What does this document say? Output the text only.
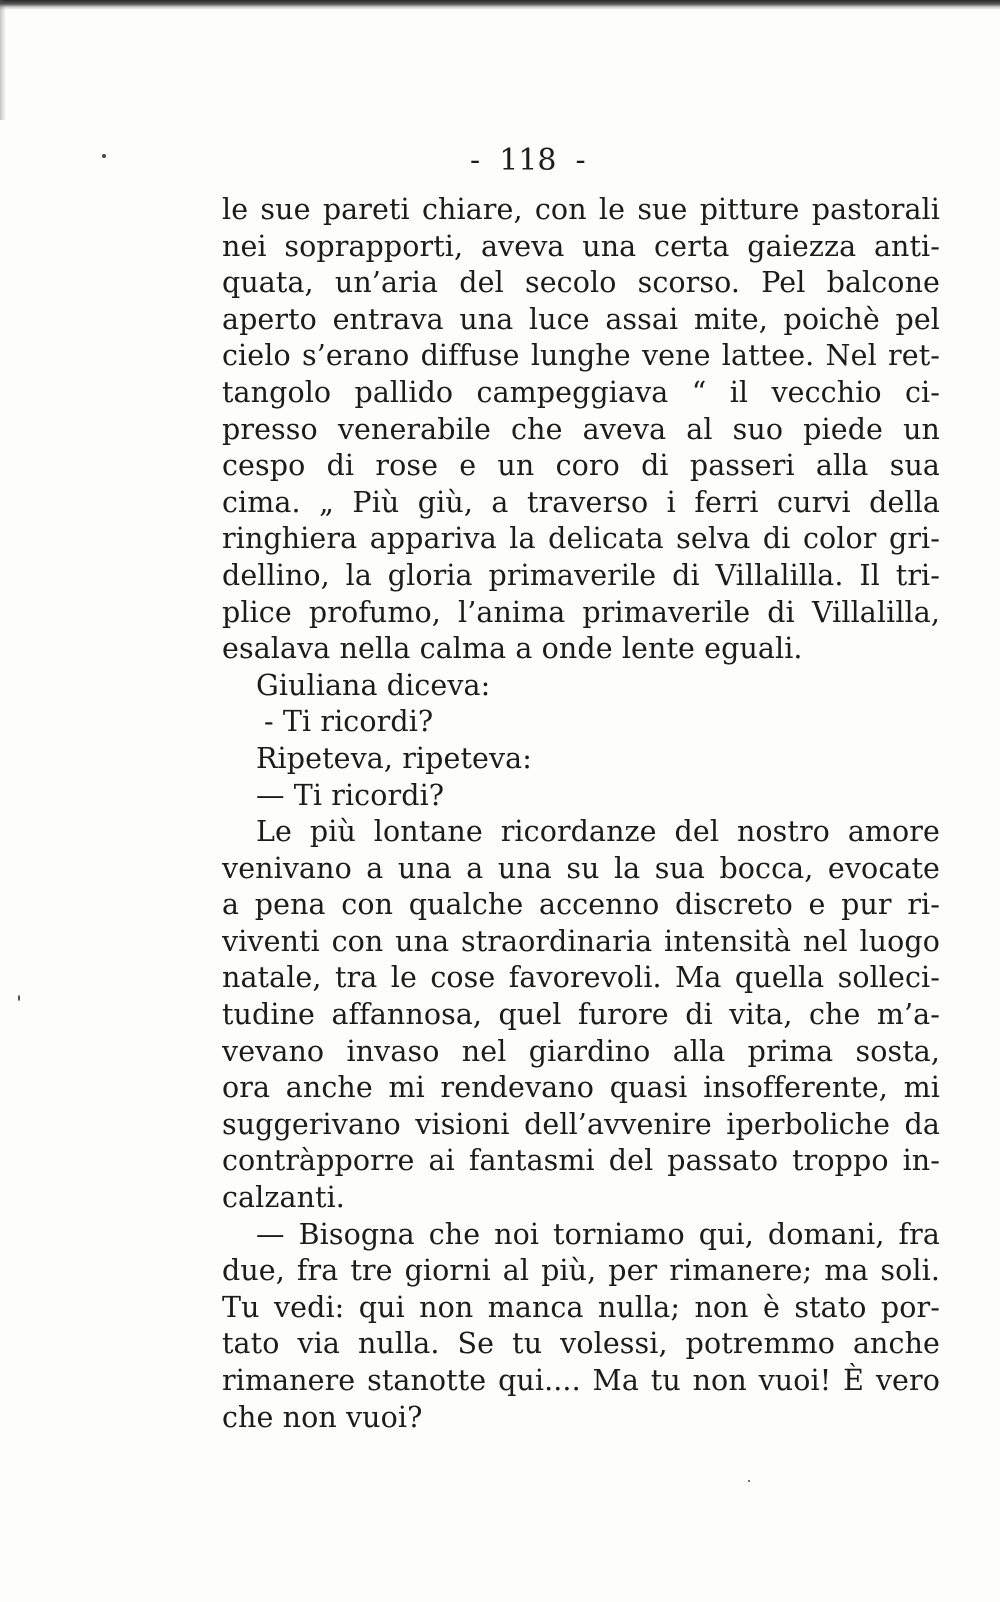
-  118  -
le sue pareti chiare, con le sue pitture pastorali
nei soprapporti, aveva una certa gaiezza anti-
quata, un’aria del secolo scorso. Pel balcone
aperto entrava una luce assai mite, poichè pel
cielo s’erano diffuse lunghe vene lattee. Nel ret-
tangolo pallido campeggiava “ il vecchio ci-
presso venerabile che aveva al suo piede un
cespo di rose e un coro di passeri alla sua
cima. „ Più giù, a traverso i ferri curvi della
ringhiera appariva la delicata selva di color gri-
dellino, la gloria primaverile di Villalilla. Il tri-
plice profumo, l’anima primaverile di Villalilla,
esalava nella calma a onde lente eguali.
Giuliana diceva:
- Ti ricordi?
Ripeteva, ripeteva:
— Ti ricordi?
Le più lontane ricordanze del nostro amore
venivano a una a una su la sua bocca, evocate
a pena con qualche accenno discreto e pur ri-
viventi con una straordinaria intensità nel luogo
natale, tra le cose favorevoli. Ma quella solleci-
tudine affannosa, quel furore di vita, che m’a-
vevano invaso nel giardino alla prima sosta,
ora anche mi rendevano quasi insofferente, mi
suggerivano visioni dell’avvenire iperboliche da
contràpporre ai fantasmi del passato troppo in-
calzanti.
— Bisogna che noi torniamo qui, domani, fra
due, fra tre giorni al più, per rimanere; ma soli.
Tu vedi: qui non manca nulla; non è stato por-
tato via nulla. Se tu volessi, potremmo anche
rimanere stanotte qui.... Ma tu non vuoi! È vero
che non vuoi?
